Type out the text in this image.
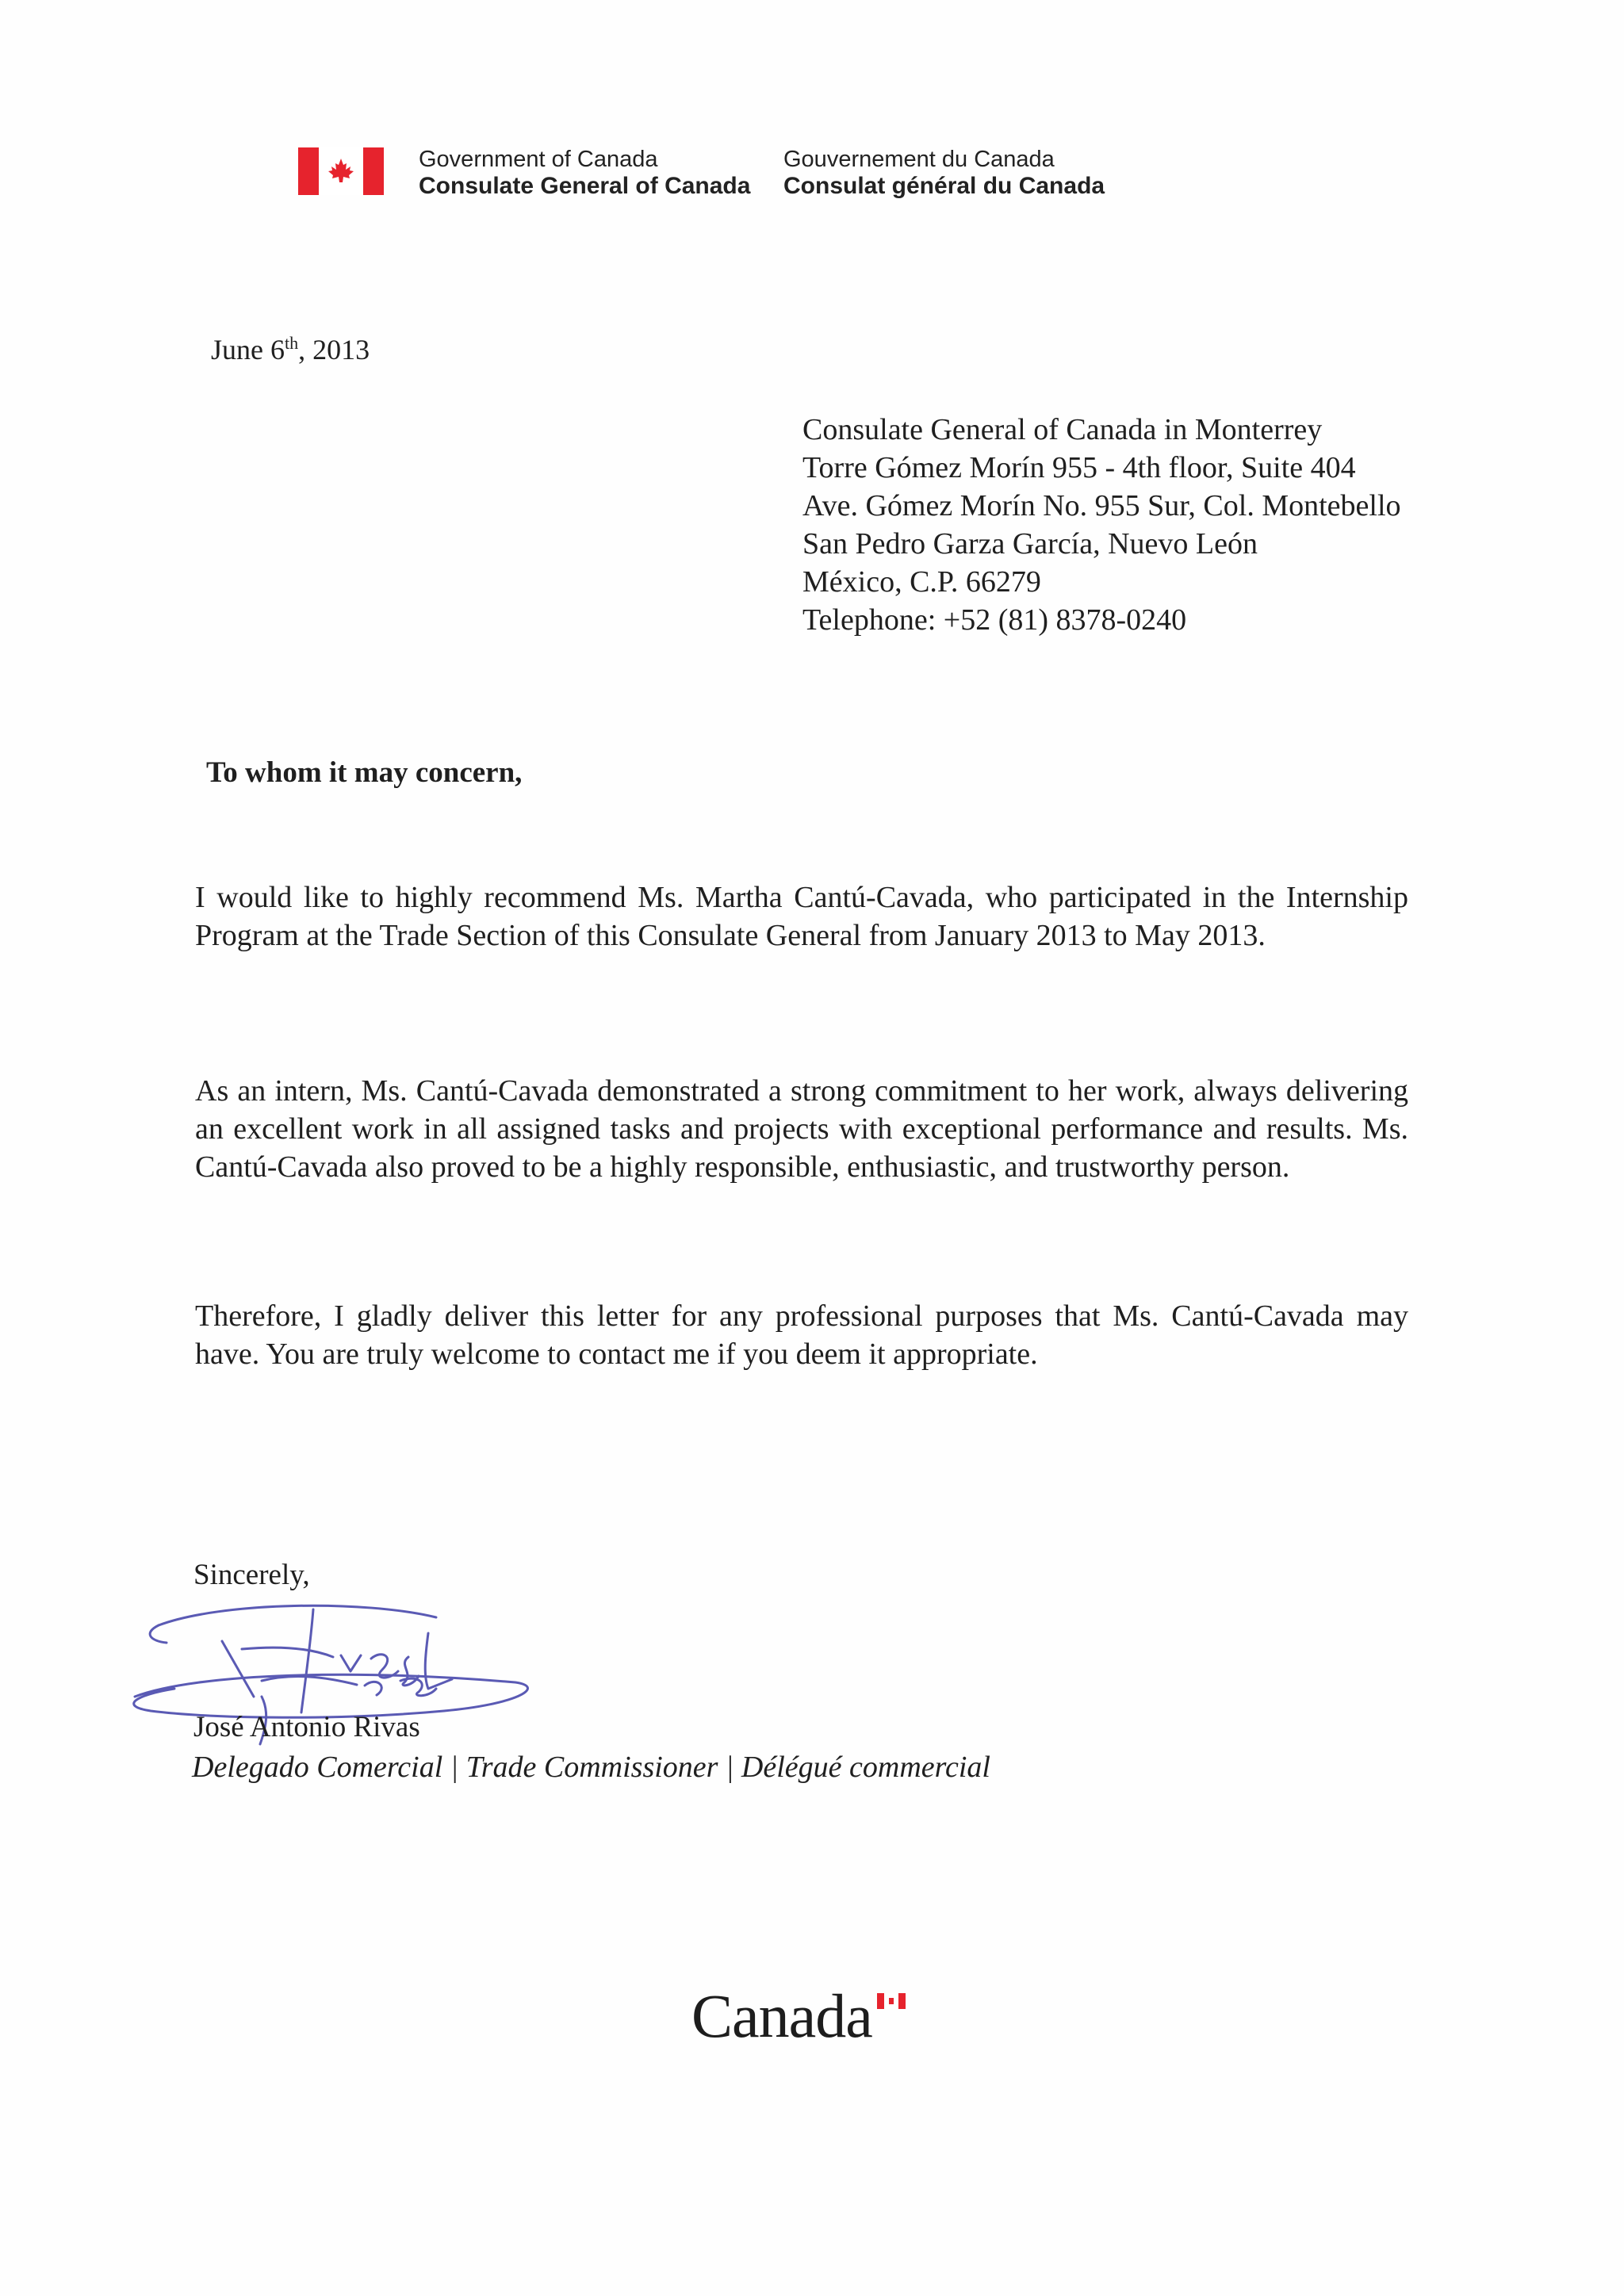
Government of Canada
Consulate General of Canada
Gouvernement du Canada
Consulat général du Canada
June 6th, 2013
Consulate General of Canada in Monterrey
Torre Gómez Morín 955 - 4th floor, Suite 404
Ave. Gómez Morín No. 955 Sur, Col. Montebello
San Pedro Garza García, Nuevo León
México, C.P. 66279
Telephone: +52 (81) 8378-0240
To whom it may concern,
I would like to highly recommend Ms. Martha Cantú-Cavada, who participated in the Internship Program at the Trade Section of this Consulate General from January 2013 to May 2013.
As an intern, Ms. Cantú-Cavada demonstrated a strong commitment to her work, always delivering an excellent work in all assigned tasks and projects with exceptional performance and results. Ms. Cantú-Cavada also proved to be a highly responsible, enthusiastic, and trustworthy person.
Therefore, I gladly deliver this letter for any professional purposes that Ms. Cantú-Cavada may have. You are truly welcome to contact me if you deem it appropriate.
Sincerely,
José Antonio Rivas
Delegado Comercial | Trade Commissioner | Délégué commercial
Canada
